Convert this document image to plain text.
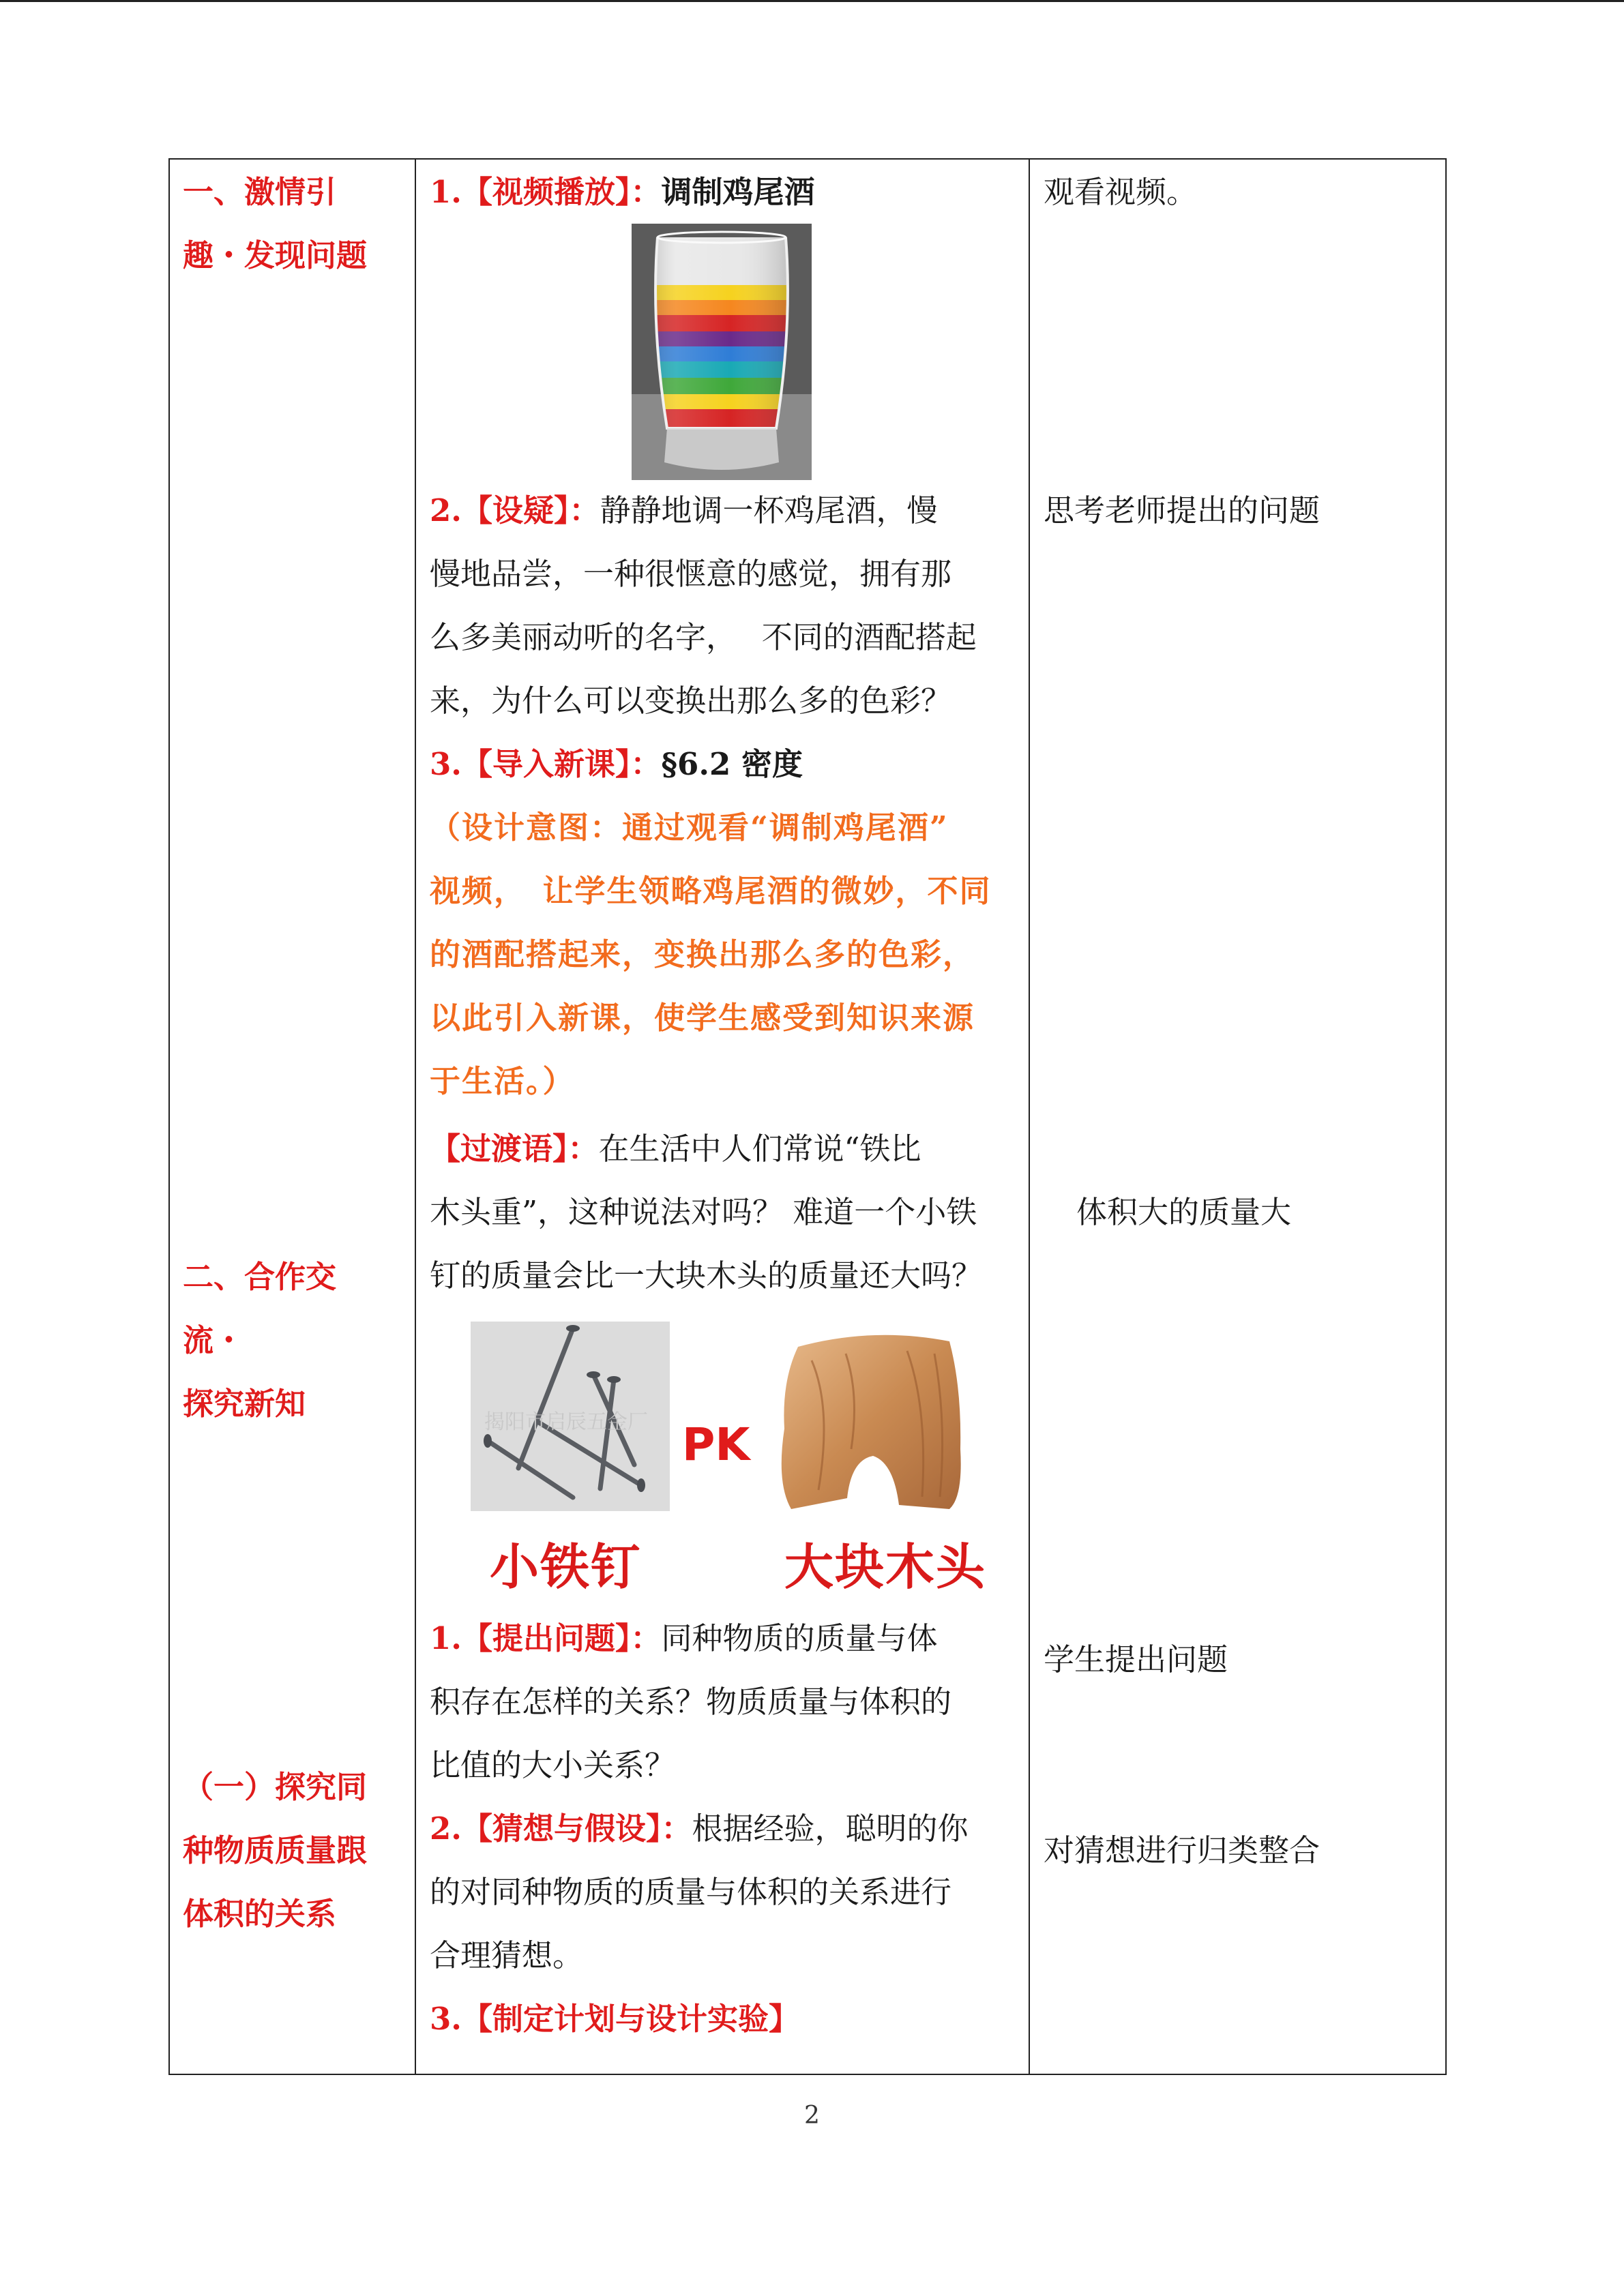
一、激情引
趣・发现问题
二、合作交
流・
探究新知
（一）探究同
种物质质量跟
体积的关系
1.【视频播放】：调制鸡尾酒
2.【设疑】：静静地调一杯鸡尾酒，慢
慢地品尝，一种很惬意的感觉，拥有那
么多美丽动听的名字，　 不同的酒配搭起
来，为什么可以变换出那么多的色彩？
3.【导入新课】：§6.2 密度
（设计意图：通过观看“调制鸡尾酒”
视频，　让学生领略鸡尾酒的微妙，不同
的酒配搭起来，变换出那么多的色彩，
以此引入新课，使学生感受到知识来源
于生活。）
【过渡语】：在生活中人们常说“铁比
木头重”，这种说法对吗？ 难道一个小铁
钉的质量会比一大块木头的质量还大吗？
揭阳市启辰五金厂 PK
小铁钉	大块木头
1.【提出问题】：同种物质的质量与体
积存在怎样的关系？物质质量与体积的
比值的大小关系？
2.【猜想与假设】：根据经验，聪明的你
的对同种物质的质量与体积的关系进行
合理猜想。
3.【制定计划与设计实验】
观看视频。
思考老师提出的问题
体积大的质量大
学生提出问题
对猜想进行归类整合
2
